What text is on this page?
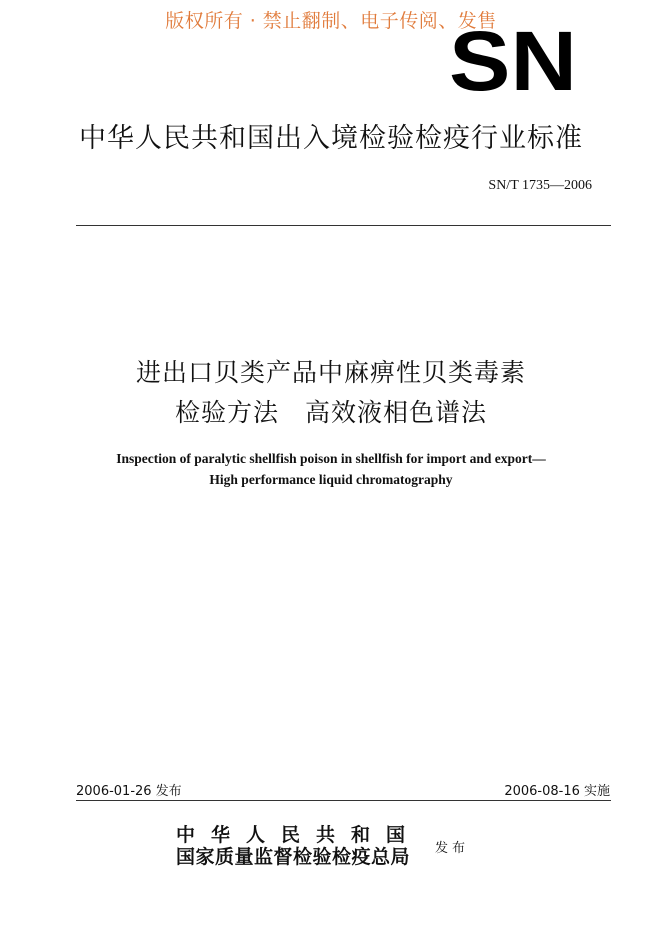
版权所有 · 禁止翻制、电子传阅、发售
SN
中华人民共和国出入境检验检疫行业标准
SN/T 1735—2006
进出口贝类产品中麻痹性贝类毒素
检验方法　高效液相色谱法
Inspection of paralytic shellfish poison in shellfish for import and export—
High performance liquid chromatography
2006-01-26 发布	2006-08-16 实施
中华人民共和国
国家质量监督检验检疫总局	发布
